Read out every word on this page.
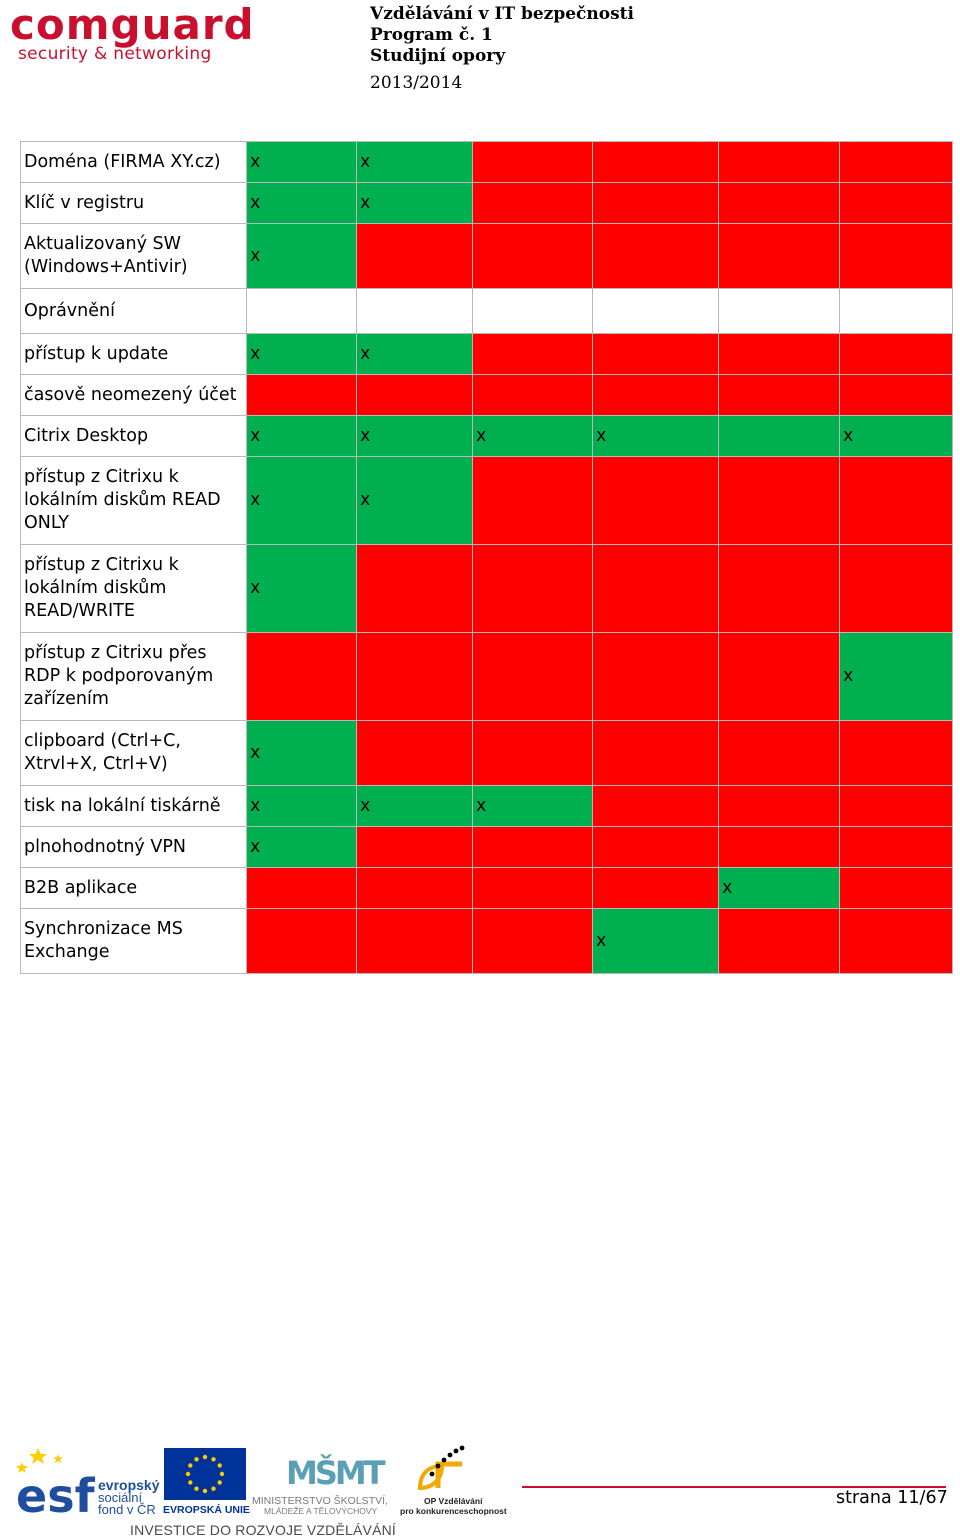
comguard
security & networking
Vzdělávání v IT bezpečnosti
Program č. 1
Studijní opory
2013/2014
Doména (FIRMA XY.cz)	x	x				
Klíč v registru	x	x				
Aktualizovaný SW (Windows+Antivir)	x					
Oprávnění						
přístup k update	x	x				
časově neomezený účet						
Citrix Desktop	x	x	x	x		x
přístup z Citrixu k lokálním diskům READ ONLY	x	x				
přístup z Citrixu k lokálním diskům READ/WRITE	x					
přístup z Citrixu přes RDP k podporovaným zařízením						x
clipboard (Ctrl+C, Xtrvl+X, Ctrl+V)	x					
tisk na lokální tiskárně	x	x	x			
plnohodnotný VPN	x					
B2B aplikace					x	
Synchronizace MS Exchange				x		
esf evropský
sociální
fond v ČR EVROPSKÁ UNIE
MŠMT
MINISTERSTVO ŠKOLSTVÍ,
MLÁDEŽE A TĚLOVÝCHOVY
OP Vzdělávání
pro konkurenceschopnost
INVESTICE DO ROZVOJE VZDĚLÁVÁNÍ
strana 11/67
